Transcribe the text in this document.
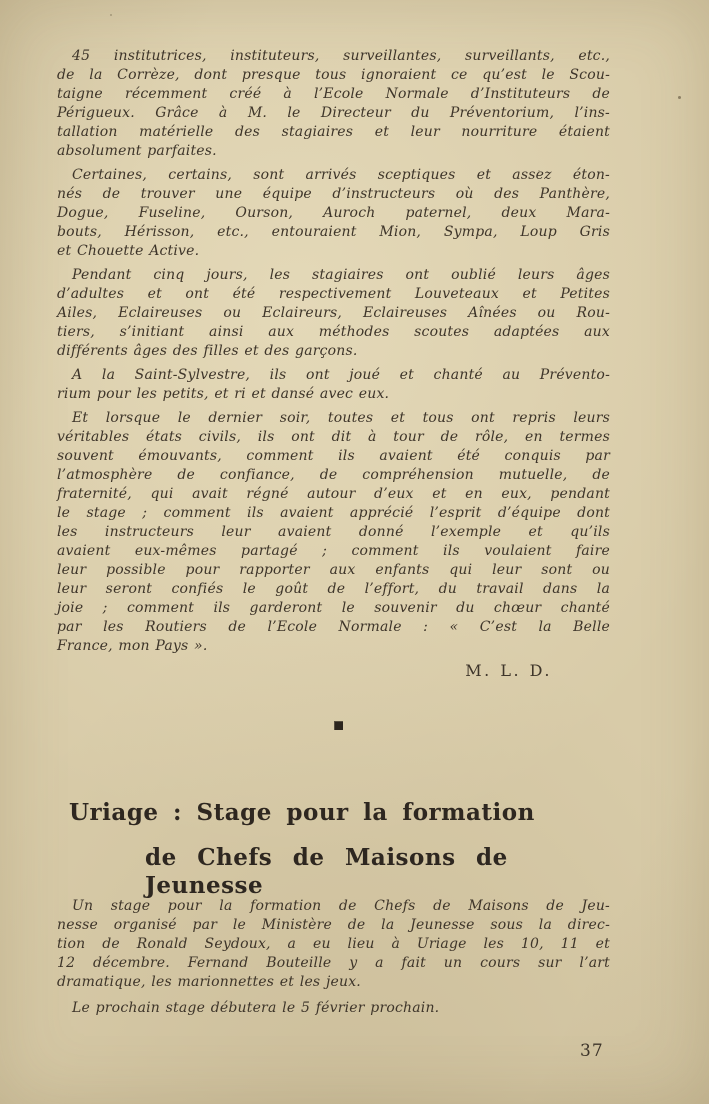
45 institutrices, instituteurs, surveillantes, surveillants, etc.,
de la Corrèze, dont presque tous ignoraient ce qu’est le Scou-
taigne récemment créé à l’Ecole Normale d’Instituteurs de
Périgueux. Grâce à M. le Directeur du Préventorium, l’ins-
tallation matérielle des stagiaires et leur nourriture étaient
absolument parfaites.
Certaines, certains, sont arrivés sceptiques et assez éton-
nés de trouver une équipe d’instructeurs où des Panthère,
Dogue, Fuseline, Ourson, Auroch paternel, deux Mara-
bouts, Hérisson, etc., entouraient Mion, Sympa, Loup Gris
et Chouette Active.
Pendant cinq jours, les stagiaires ont oublié leurs âges
d’adultes et ont été respectivement Louveteaux et Petites
Ailes, Eclaireuses ou Eclaireurs, Eclaireuses Aînées ou Rou-
tiers, s’initiant ainsi aux méthodes scoutes adaptées aux
différents âges des filles et des garçons.
A la Saint-Sylvestre, ils ont joué et chanté au Prévento-
rium pour les petits, et ri et dansé avec eux.
Et lorsque le dernier soir, toutes et tous ont repris leurs
véritables états civils, ils ont dit à tour de rôle, en termes
souvent émouvants, comment ils avaient été conquis par
l’atmosphère de confiance, de compréhension mutuelle, de
fraternité, qui avait régné autour d’eux et en eux, pendant
le stage ; comment ils avaient apprécié l’esprit d’équipe dont
les instructeurs leur avaient donné l’exemple et qu’ils
avaient eux-mêmes partagé ; comment ils voulaient faire
leur possible pour rapporter aux enfants qui leur sont ou
leur seront confiés le goût de l’effort, du travail dans la
joie ; comment ils garderont le souvenir du chœur chanté
par les Routiers de l’Ecole Normale : « C’est la Belle
France, mon Pays ».
M. L. D.
Uriage : Stage pour la formation
de Chefs de Maisons de Jeunesse
Un stage pour la formation de Chefs de Maisons de Jeu-
nesse organisé par le Ministère de la Jeunesse sous la direc-
tion de Ronald Seydoux, a eu lieu à Uriage les 10, 11 et
12 décembre. Fernand Bouteille y a fait un cours sur l’art
dramatique, les marionnettes et les jeux.
Le prochain stage débutera le 5 février prochain.
37
